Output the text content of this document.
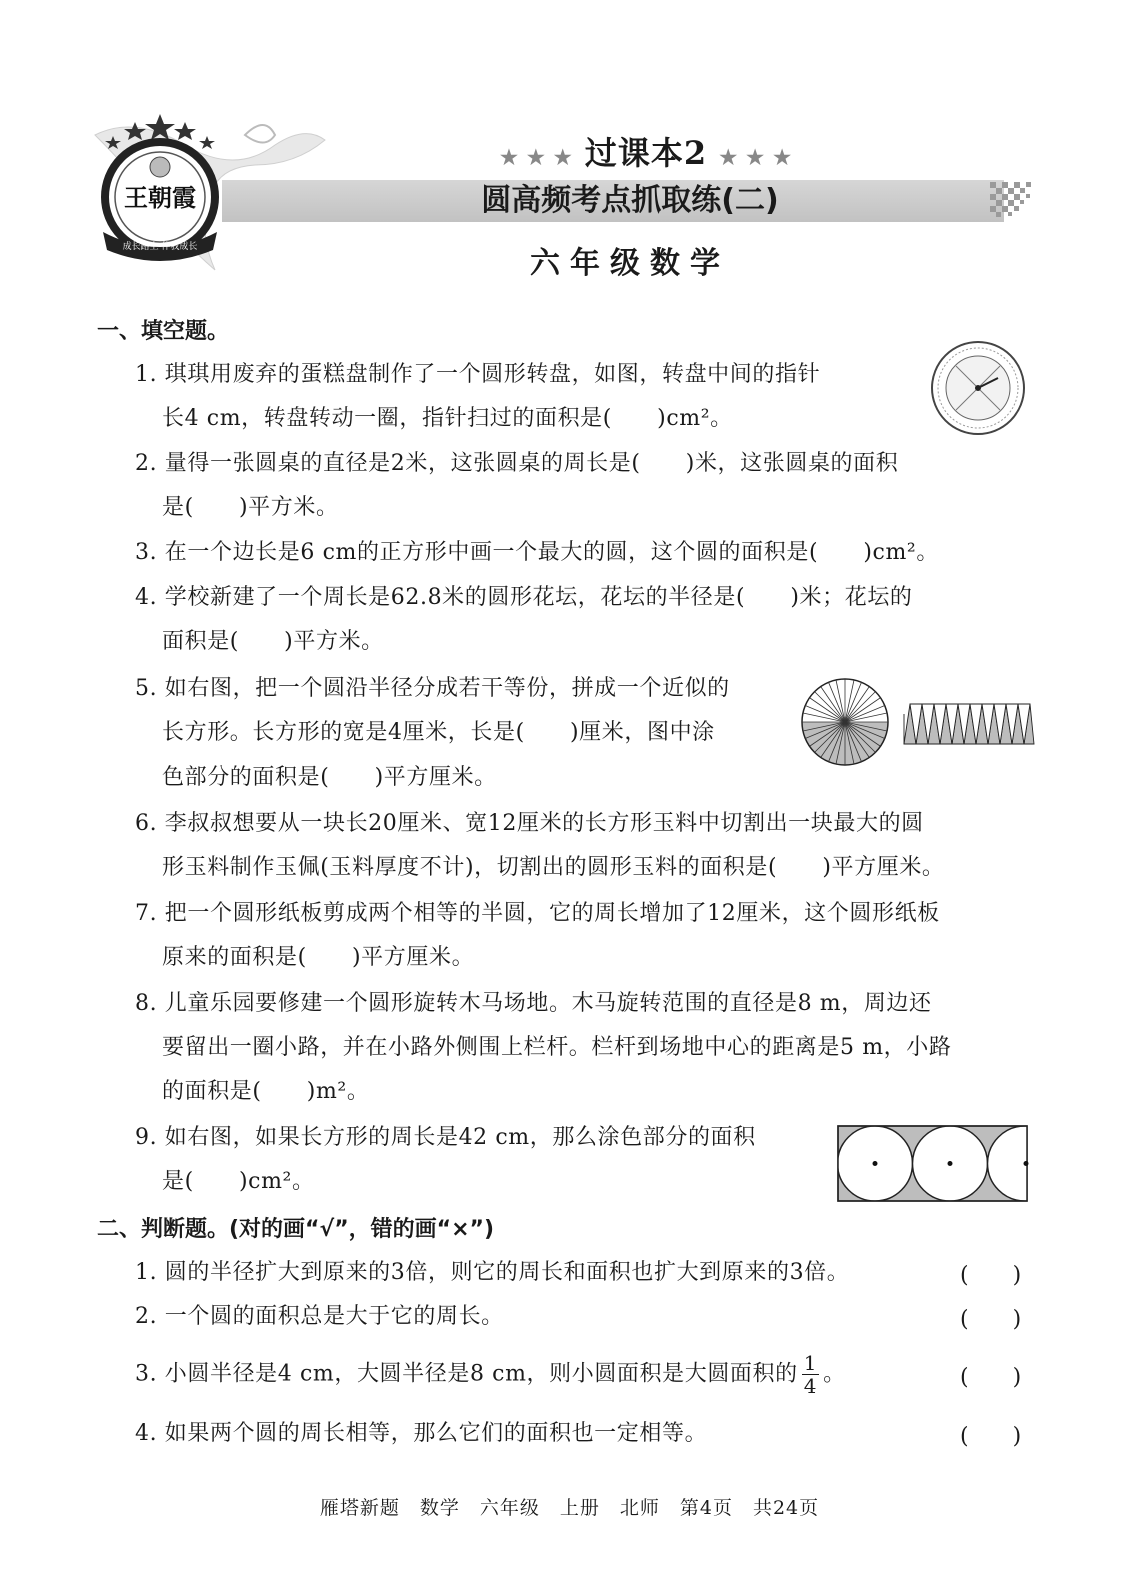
王朝霞
成长路上 伴我成长
★ ★ ★ 过课本2 ★ ★ ★
圆高频考点抓取练(二)
六年级数学
一、填空题。
1. 琪琪用废弃的蛋糕盘制作了一个圆形转盘，如图，转盘中间的指针
长4 cm，转盘转动一圈，指针扫过的面积是(　　)cm²。
2. 量得一张圆桌的直径是2米，这张圆桌的周长是(　　)米，这张圆桌的面积
是(　　)平方米。
3. 在一个边长是6 cm的正方形中画一个最大的圆，这个圆的面积是(　　)cm²。
4. 学校新建了一个周长是62.8米的圆形花坛，花坛的半径是(　　)米；花坛的
面积是(　　)平方米。
5. 如右图，把一个圆沿半径分成若干等份，拼成一个近似的
长方形。长方形的宽是4厘米，长是(　　)厘米，图中涂
色部分的面积是(　　)平方厘米。
6. 李叔叔想要从一块长20厘米、宽12厘米的长方形玉料中切割出一块最大的圆
形玉料制作玉佩(玉料厚度不计)，切割出的圆形玉料的面积是(　　)平方厘米。
7. 把一个圆形纸板剪成两个相等的半圆，它的周长增加了12厘米，这个圆形纸板
原来的面积是(　　)平方厘米。
8. 儿童乐园要修建一个圆形旋转木马场地。木马旋转范围的直径是8 m，周边还
要留出一圈小路，并在小路外侧围上栏杆。栏杆到场地中心的距离是5 m，小路
的面积是(　　)m²。
9. 如右图，如果长方形的周长是42 cm，那么涂色部分的面积
是(　　)cm²。
二、判断题。(对的画“√”，错的画“×”)
1. 圆的半径扩大到原来的3倍，则它的周长和面积也扩大到原来的3倍。	(　　)
2. 一个圆的面积总是大于它的周长。	(　　)
3. 小圆半径是4 cm，大圆半径是8 cm，则小圆面积是大圆面积的 $\frac{1}{4}$ 。	(　　)
4. 如果两个圆的周长相等，那么它们的面积也一定相等。	(　　)
雁塔新题　数学　六年级　上册　北师　第4页　共24页
